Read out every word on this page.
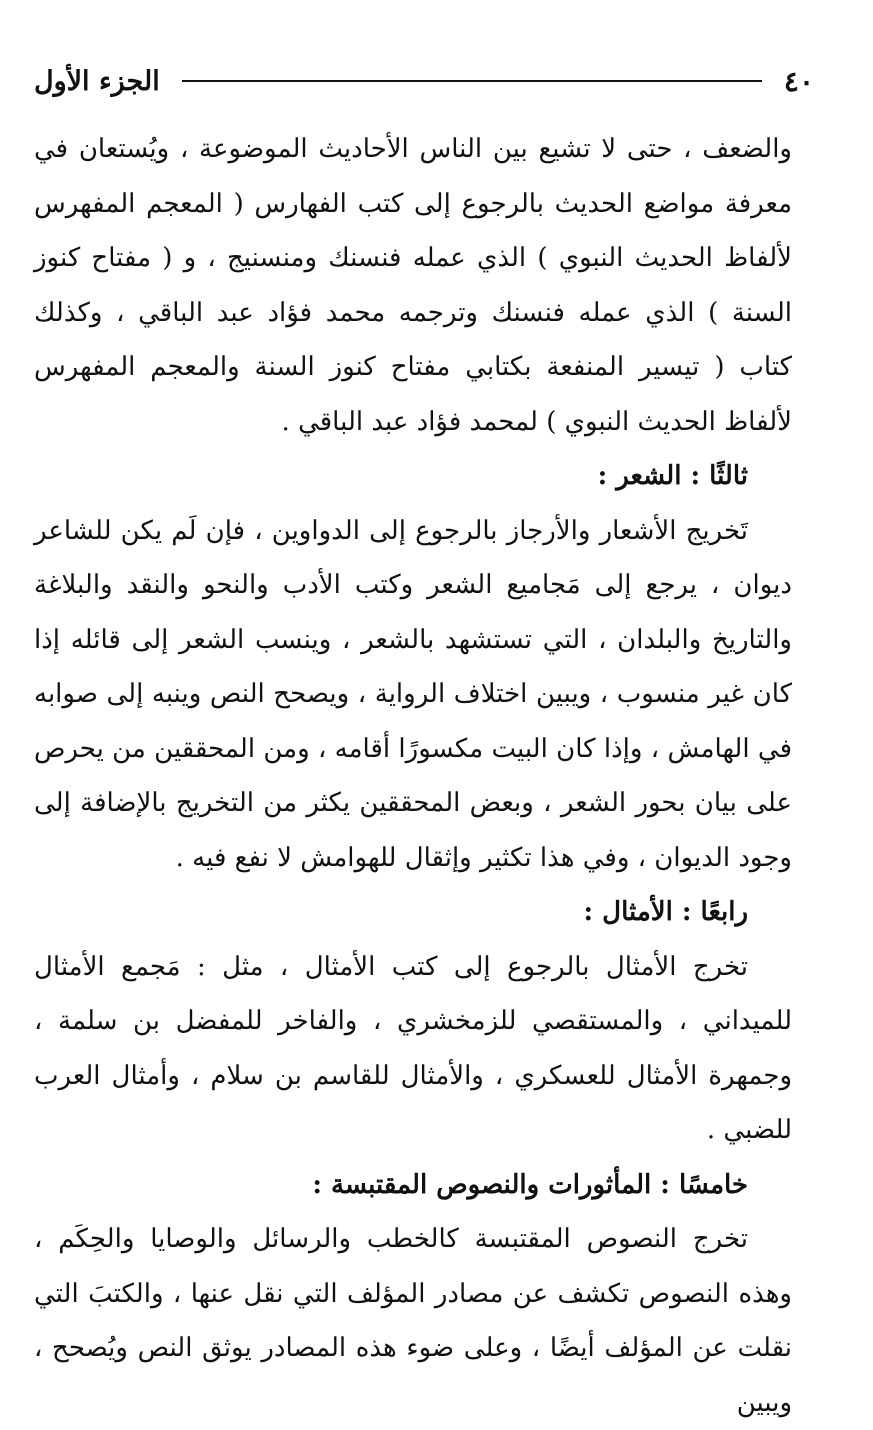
٤٠
الجزء الأول

والضعف ، حتى لا تشيع بين الناس الأحاديث الموضوعة ، ويُستعان في معرفة مواضع الحديث بالرجوع إلى كتب الفهارس ( المعجم المفهرس لألفاظ الحديث النبوي ) الذي عمله فنسنك ومنسنيج ، و ( مفتاح كنوز السنة ) الذي عمله فنسنك وترجمه محمد فؤاد عبد الباقي ، وكذلك كتاب ( تيسير المنفعة بكتابي مفتاح كنوز السنة والمعجم المفهرس لألفاظ الحديث النبوي ) لمحمد فؤاد عبد الباقي .

ثالثًا : الشعر :

تَخريج الأشعار والأرجاز بالرجوع إلى الدواوين ، فإن لَم يكن للشاعر ديوان ، يرجع إلى مَجاميع الشعر وكتب الأدب والنحو والنقد والبلاغة والتاريخ والبلدان ، التي تستشهد بالشعر ، وينسب الشعر إلى قائله إذا كان غير منسوب ، ويبين اختلاف الرواية ، ويصحح النص وينبه إلى صوابه في الهامش ، وإذا كان البيت مكسورًا أقامه ، ومن المحققين من يحرص على بيان بحور الشعر ، وبعض المحققين يكثر من التخريج بالإضافة إلى وجود الديوان ، وفي هذا تكثير وإثقال للهوامش لا نفع فيه .

رابعًا : الأمثال :

تخرج الأمثال بالرجوع إلى كتب الأمثال ، مثل : مَجمع الأمثال للميداني ، والمستقصي للزمخشري ، والفاخر للمفضل بن سلمة ، وجمهرة الأمثال للعسكري ، والأمثال للقاسم بن سلام ، وأمثال العرب للضبي .

خامسًا : المأثورات والنصوص المقتبسة :

تخرج النصوص المقتبسة كالخطب والرسائل والوصايا والحِكَم ، وهذه النصوص تكشف عن مصادر المؤلف التي نقل عنها ، والكتبَ التي نقلت عن المؤلف أيضًا ، وعلى ضوء هذه المصادر يوثق النص ويُصحح ، ويبين
